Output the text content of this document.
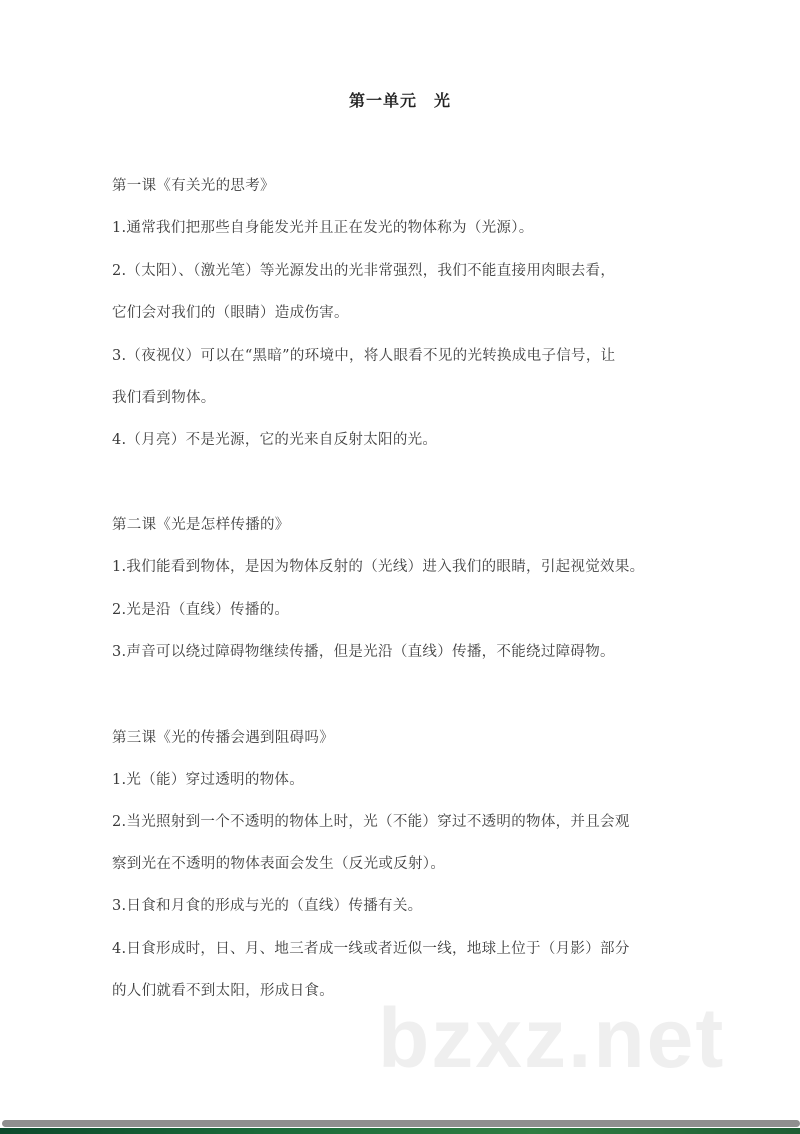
第一单元　光
第一课《有关光的思考》
1.通常我们把那些自身能发光并且正在发光的物体称为（光源）。
2.（太阳）、（激光笔）等光源发出的光非常强烈，我们不能直接用肉眼去看，
它们会对我们的（眼睛）造成伤害。
3.（夜视仪）可以在“黑暗”的环境中，将人眼看不见的光转换成电子信号，让
我们看到物体。
4.（月亮）不是光源，它的光来自反射太阳的光。
第二课《光是怎样传播的》
1.我们能看到物体，是因为物体反射的（光线）进入我们的眼睛，引起视觉效果。
2.光是沿（直线）传播的。
3.声音可以绕过障碍物继续传播，但是光沿（直线）传播，不能绕过障碍物。
第三课《光的传播会遇到阻碍吗》
1.光（能）穿过透明的物体。
2.当光照射到一个不透明的物体上时，光（不能）穿过不透明的物体，并且会观
察到光在不透明的物体表面会发生（反光或反射）。
3.日食和月食的形成与光的（直线）传播有关。
4.日食形成时，日、月、地三者成一线或者近似一线，地球上位于（月影）部分
的人们就看不到太阳，形成日食。 bzxz.net
